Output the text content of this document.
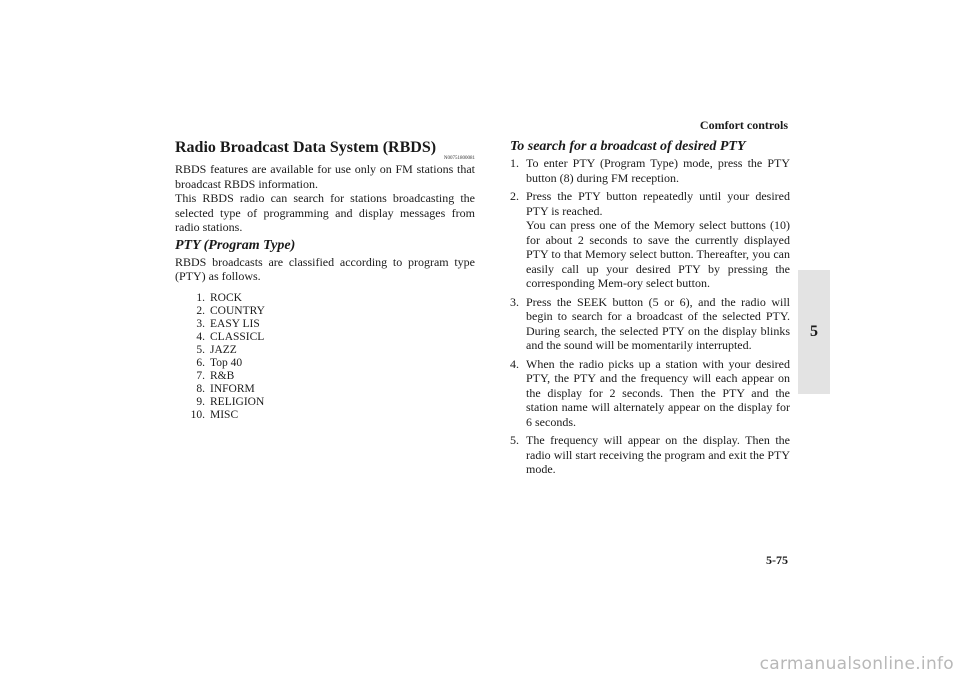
Comfort controls
Radio Broadcast Data System (RBDS)
N00751800081

RBDS features are available for use only on FM stations that broadcast RBDS information.

This RBDS radio can search for stations broadcasting the selected type of programming and display messages from radio stations.

PTY (Program Type)

RBDS broadcasts are classified according to program type (PTY) as follows.

1. ROCK
2. COUNTRY
3. EASY LIS
4. CLASSICL
5. JAZZ
6. Top 40
7. R&B
8. INFORM
9. RELIGION
10. MISC
To search for a broadcast of desired PTY
1. To enter PTY (Program Type) mode, press the PTY button (8) during FM reception.

2. Press the PTY button repeatedly until your desired PTY is reached.

You can press one of the Memory select buttons (10) for about 2 seconds to save the currently displayed PTY to that Memory select button. Thereafter, you can easily call up your desired PTY by pressing the corresponding Mem-ory select button.

3. Press the SEEK button (5 or 6), and the radio will begin to search for a broadcast of the selected PTY. During search, the selected PTY on the display blinks and the sound will be momentarily interrupted.

4. When the radio picks up a station with your desired PTY, the PTY and the frequency will each appear on the display for 2 seconds. Then the PTY and the station name will alternately appear on the display for 6 seconds.

5. The frequency will appear on the display. Then the radio will start receiving the program and exit the PTY mode.

5
5-75
carmanualsonline.info
